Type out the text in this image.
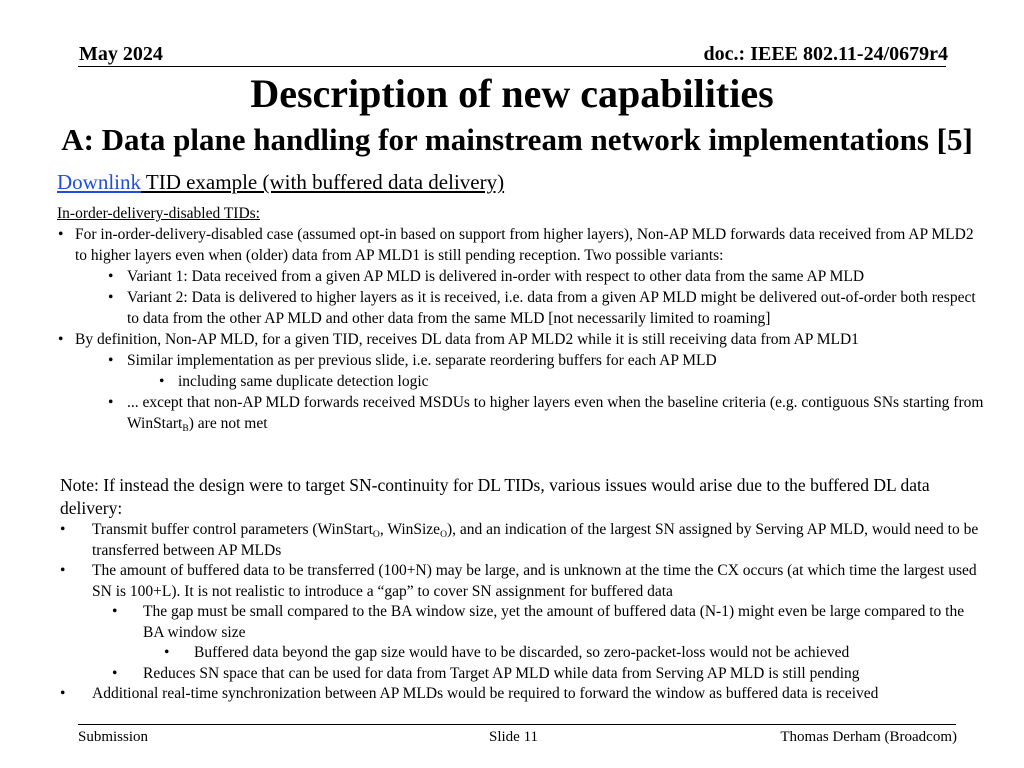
May 2024	doc.: IEEE 802.11-24/0679r4
Description of new capabilities
A: Data plane handling for mainstream network implementations [5]
Downlink TID example (with buffered data delivery)
In-order-delivery-disabled TIDs:
• For in-order-delivery-disabled case (assumed opt-in based on support from higher layers), Non-AP MLD forwards data received from AP MLD2 to higher layers even when (older) data from AP MLD1 is still pending reception. Two possible variants:
• Variant 1: Data received from a given AP MLD is delivered in-order with respect to other data from the same AP MLD
• Variant 2: Data is delivered to higher layers as it is received, i.e. data from a given AP MLD might be delivered out-of-order both respect to data from the other AP MLD and other data from the same MLD [not necessarily limited to roaming]
• By definition, Non-AP MLD, for a given TID, receives DL data from AP MLD2 while it is still receiving data from AP MLD1
• Similar implementation as per previous slide, i.e. separate reordering buffers for each AP MLD
• including same duplicate detection logic
• ... except that non-AP MLD forwards received MSDUs to higher layers even when the baseline criteria (e.g. contiguous SNs starting from WinStart$_B$) are not met
Note: If instead the design were to target SN-continuity for DL TIDs, various issues would arise due to the buffered DL data delivery:
• Transmit buffer control parameters (WinStart$_O$, WinSize$_O$), and an indication of the largest SN assigned by Serving AP MLD, would need to be transferred between AP MLDs
• The amount of buffered data to be transferred (100+N) may be large, and is unknown at the time the CX occurs (at which time the largest used SN is 100+L). It is not realistic to introduce a “gap” to cover SN assignment for buffered data
• The gap must be small compared to the BA window size, yet the amount of buffered data (N-1) might even be large compared to the BA window size
• Buffered data beyond the gap size would have to be discarded, so zero-packet-loss would not be achieved
• Reduces SN space that can be used for data from Target AP MLD while data from Serving AP MLD is still pending
• Additional real-time synchronization between AP MLDs would be required to forward the window as buffered data is received
Submission	Slide 11	Thomas Derham (Broadcom)
